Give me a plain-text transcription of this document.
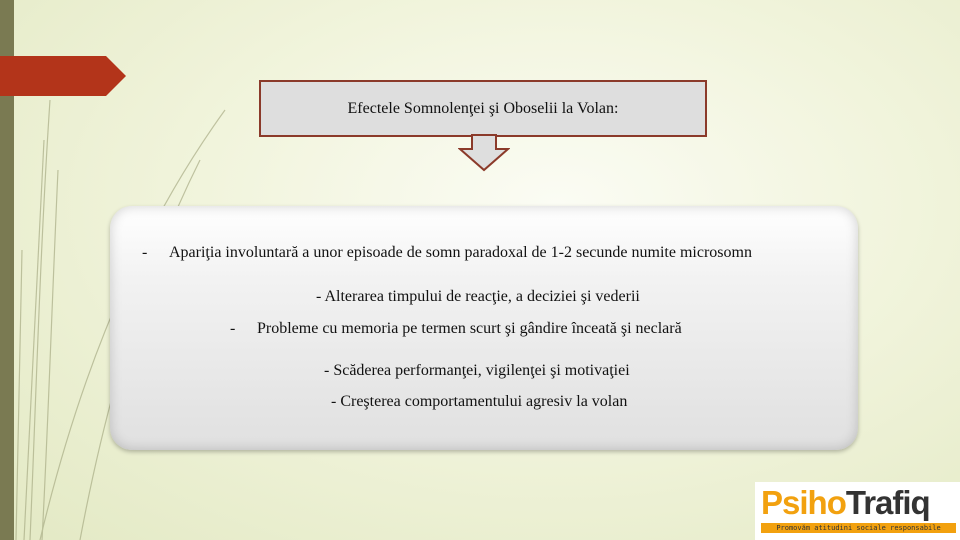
Efectele Somnolenţei şi Oboselii la Volan:
- Apariţia involuntară a unor episoade de somn paradoxal de 1-2 secunde numite microsomn
- Alterarea timpului de reacţie, a deciziei şi vederii
- Probleme cu memoria pe termen scurt şi gândire înceată şi neclară
- Scăderea performanţei, vigilenţei şi motivaţiei
- Creşterea comportamentului agresiv la volan
PsihoTrafiq
Promovăm atitudini sociale responsabile
